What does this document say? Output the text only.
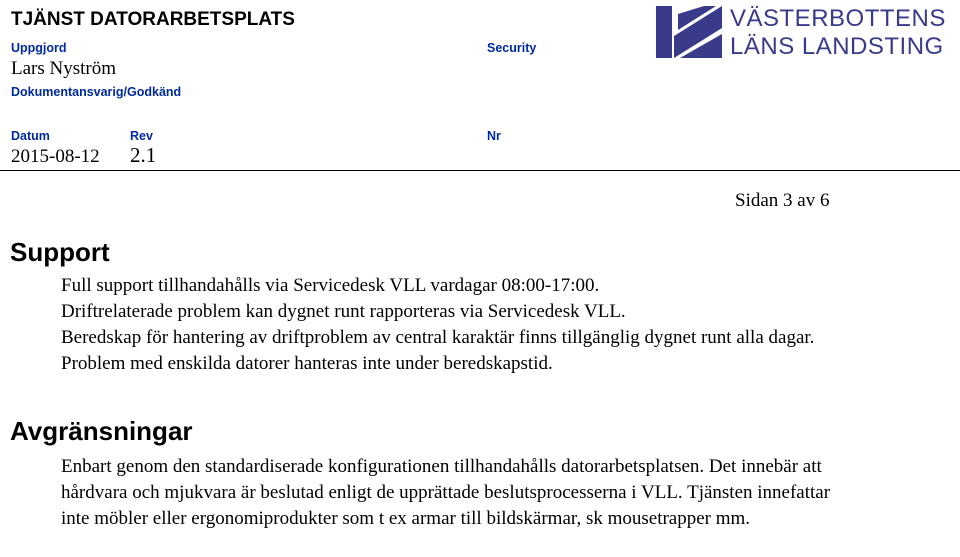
TJÄNST DATORARBETSPLATS
Uppgjord
Lars Nyström
Dokumentansvarig/Godkänd
Security
Datum
2015-08-12
Rev
2.1
Nr
VÄSTERBOTTENS
LÄNS LANDSTING
Sidan 3 av 6
Support

Full support tillhandahålls via Servicedesk VLL vardagar 08:00-17:00.

Driftrelaterade problem kan dygnet runt rapporteras via Servicedesk VLL.

Beredskap för hantering av driftproblem av central karaktär finns tillgänglig dygnet runt alla dagar. Problem med enskilda datorer hanteras inte under beredskapstid.

Avgränsningar

Enbart genom den standardiserade konfigurationen tillhandahålls datorarbetsplatsen. Det innebär att hårdvara och mjukvara är beslutad enligt de upprättade beslutsprocesserna i VLL. Tjänsten innefattar inte möbler eller ergonomiprodukter som t ex armar till bildskärmar, sk mousetrapper mm.
